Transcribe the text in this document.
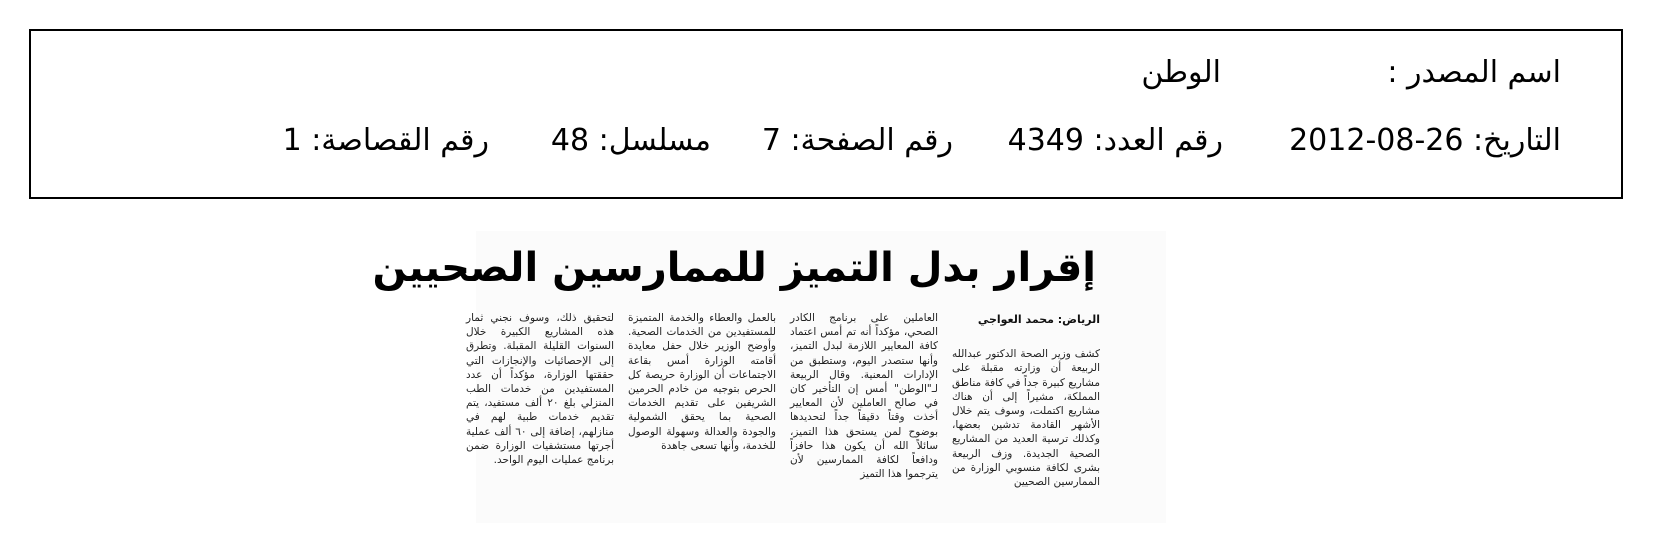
اسم المصدر :
الوطن
التاريخ: 26-08-2012
رقم العدد: 4349
رقم الصفحة: 7
مسلسل: 48
رقم القصاصة: 1
إقرار بدل التميز للممارسين الصحيين

الرياض: محمد العواجي

كشف وزير الصحة الدكتور عبدالله الربيعة أن وزارته مقبلة على مشاريع كبيرة جداً في كافة مناطق المملكة، مشيراً إلى أن هناك مشاريع اكتملت، وسوف يتم خلال الأشهر القادمة تدشين بعضها، وكذلك ترسية العديد من المشاريع الصحية الجديدة. وزف الربيعة بشرى لكافة منسوبي الوزارة من الممارسين الصحيين

العاملين على برنامج الكادر الصحي، مؤكداً أنه تم أمس اعتماد كافة المعايير اللازمة لبدل التميز، وأنها ستصدر اليوم، وستطبق من الإدارات المعنية. وقال الربيعة لـ"الوطن" أمس إن التأخير كان في صالح العاملين لأن المعايير أخذت وقتاً دقيقاً جداً لتحديدها بوضوح لمن يستحق هذا التميز، سائلاً الله أن يكون هذا حافزاً ودافعاً لكافة الممارسين لأن يترجموا هذا التميز

بالعمل والعطاء والخدمة المتميزة للمستفيدين من الخدمات الصحية. وأوضح الوزير خلال حفل معايدة أقامته الوزارة أمس بقاعة الاجتماعات أن الوزارة حريصة كل الحرص بتوجيه من خادم الحرمين الشريفين على تقديم الخدمات الصحية بما يحقق الشمولية والجودة والعدالة وسهولة الوصول للخدمة، وأنها تسعى جاهدة

لتحقيق ذلك، وسوف نجني ثمار هذه المشاريع الكبيرة خلال السنوات القليلة المقبلة. وتطرق إلى الإحصائيات والإنجازات التي حققتها الوزارة، مؤكداً أن عدد المستفيدين من خدمات الطب المنزلي بلغ ٢٠ ألف مستفيد، يتم تقديم خدمات طبية لهم في منازلهم، إضافة إلى ٦٠ ألف عملية أجرتها مستشفيات الوزارة ضمن برنامج عمليات اليوم الواحد.
